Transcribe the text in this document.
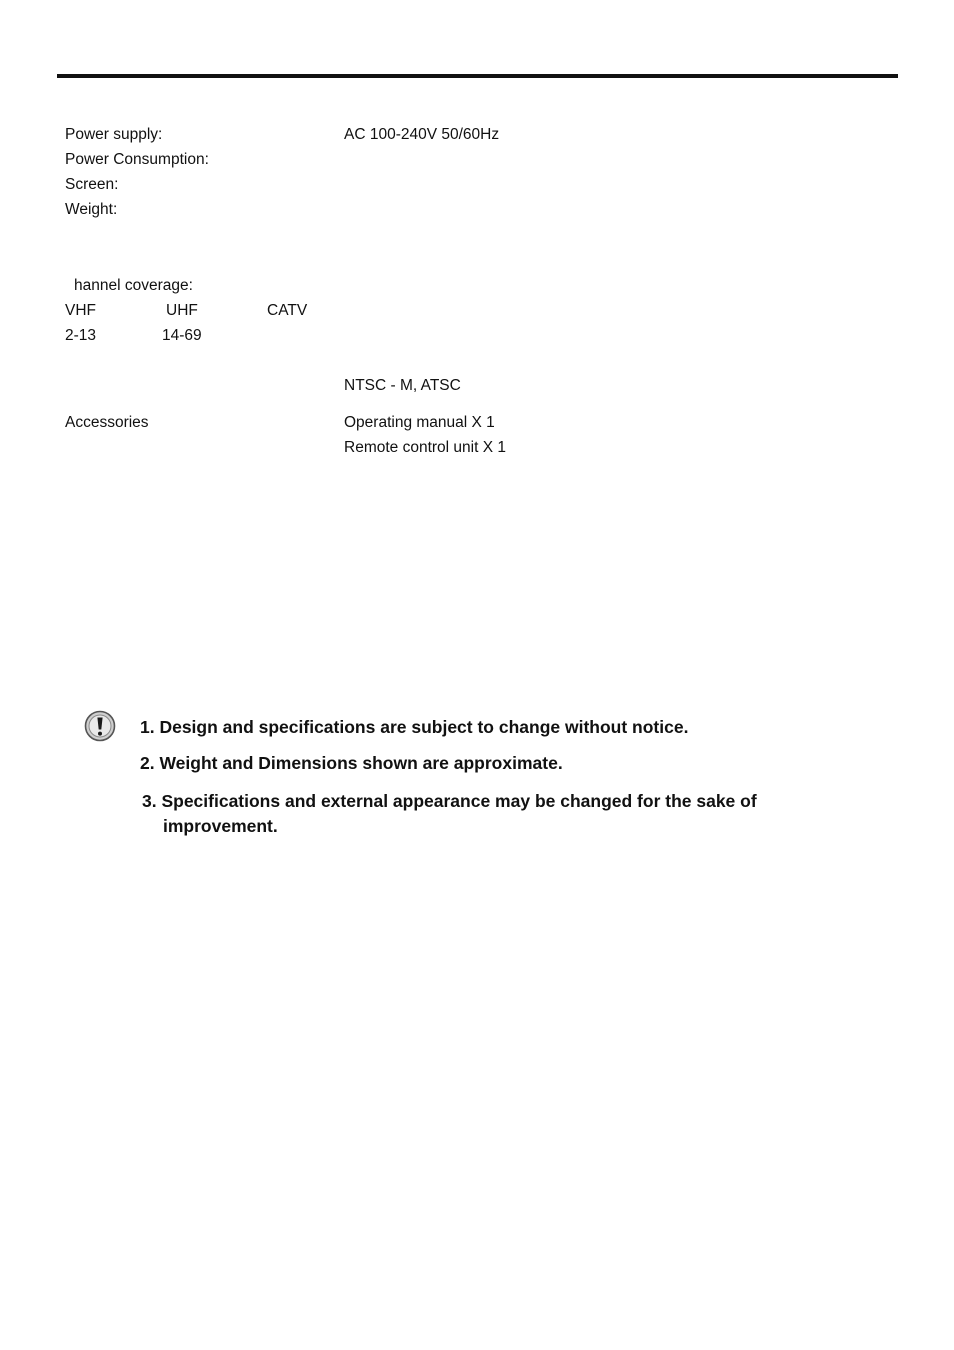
Power supply:	AC 100-240V 50/60Hz
Power Consumption:
Screen:
Weight:
hannel coverage:
VHF	UHF	CATV
2-13	14-69
NTSC - M, ATSC
Accessories	Operating manual X 1
Remote control unit X 1
1. Design and specifications are subject to change without notice.
2. Weight and Dimensions shown are approximate.
3. Specifications and external appearance may be changed for the sake of
improvement.
